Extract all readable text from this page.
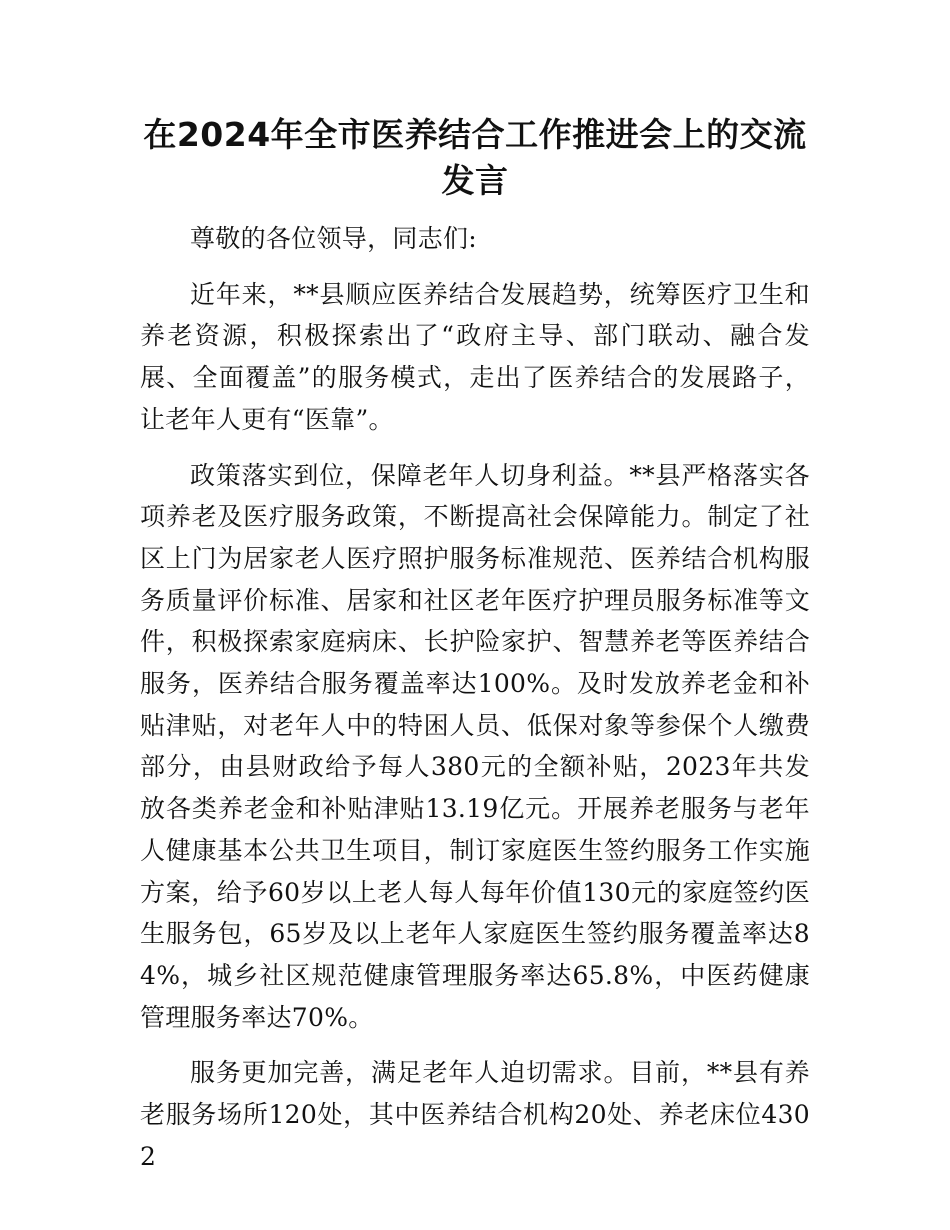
在2024年全市医养结合工作推进会上的交流发言

尊敬的各位领导，同志们:

近年来，**县顺应医养结合发展趋势，统筹医疗卫生和养老资源，积极探索出了“政府主导、部门联动、融合发展、全面覆盖”的服务模式，走出了医养结合的发展路子，让老年人更有“医靠”。

政策落实到位，保障老年人切身利益。**县严格落实各项养老及医疗服务政策，不断提高社会保障能力。制定了社区上门为居家老人医疗照护服务标准规范、医养结合机构服务质量评价标准、居家和社区老年医疗护理员服务标准等文件，积极探索家庭病床、长护险家护、智慧养老等医养结合服务，医养结合服务覆盖率达100%。及时发放养老金和补贴津贴，对老年人中的特困人员、低保对象等参保个人缴费部分，由县财政给予每人380元的全额补贴，2023年共发放各类养老金和补贴津贴13.19亿元。开展养老服务与老年人健康基本公共卫生项目，制订家庭医生签约服务工作实施方案，给予60岁以上老人每人每年价值130元的家庭签约医生服务包，65岁及以上老年人家庭医生签约服务覆盖率达84%，城乡社区规范健康管理服务率达65.8%，中医药健康管理服务率达70%。

服务更加完善，满足老年人迫切需求。目前，**县有养老服务场所120处，其中医养结合机构20处、养老床位4302
